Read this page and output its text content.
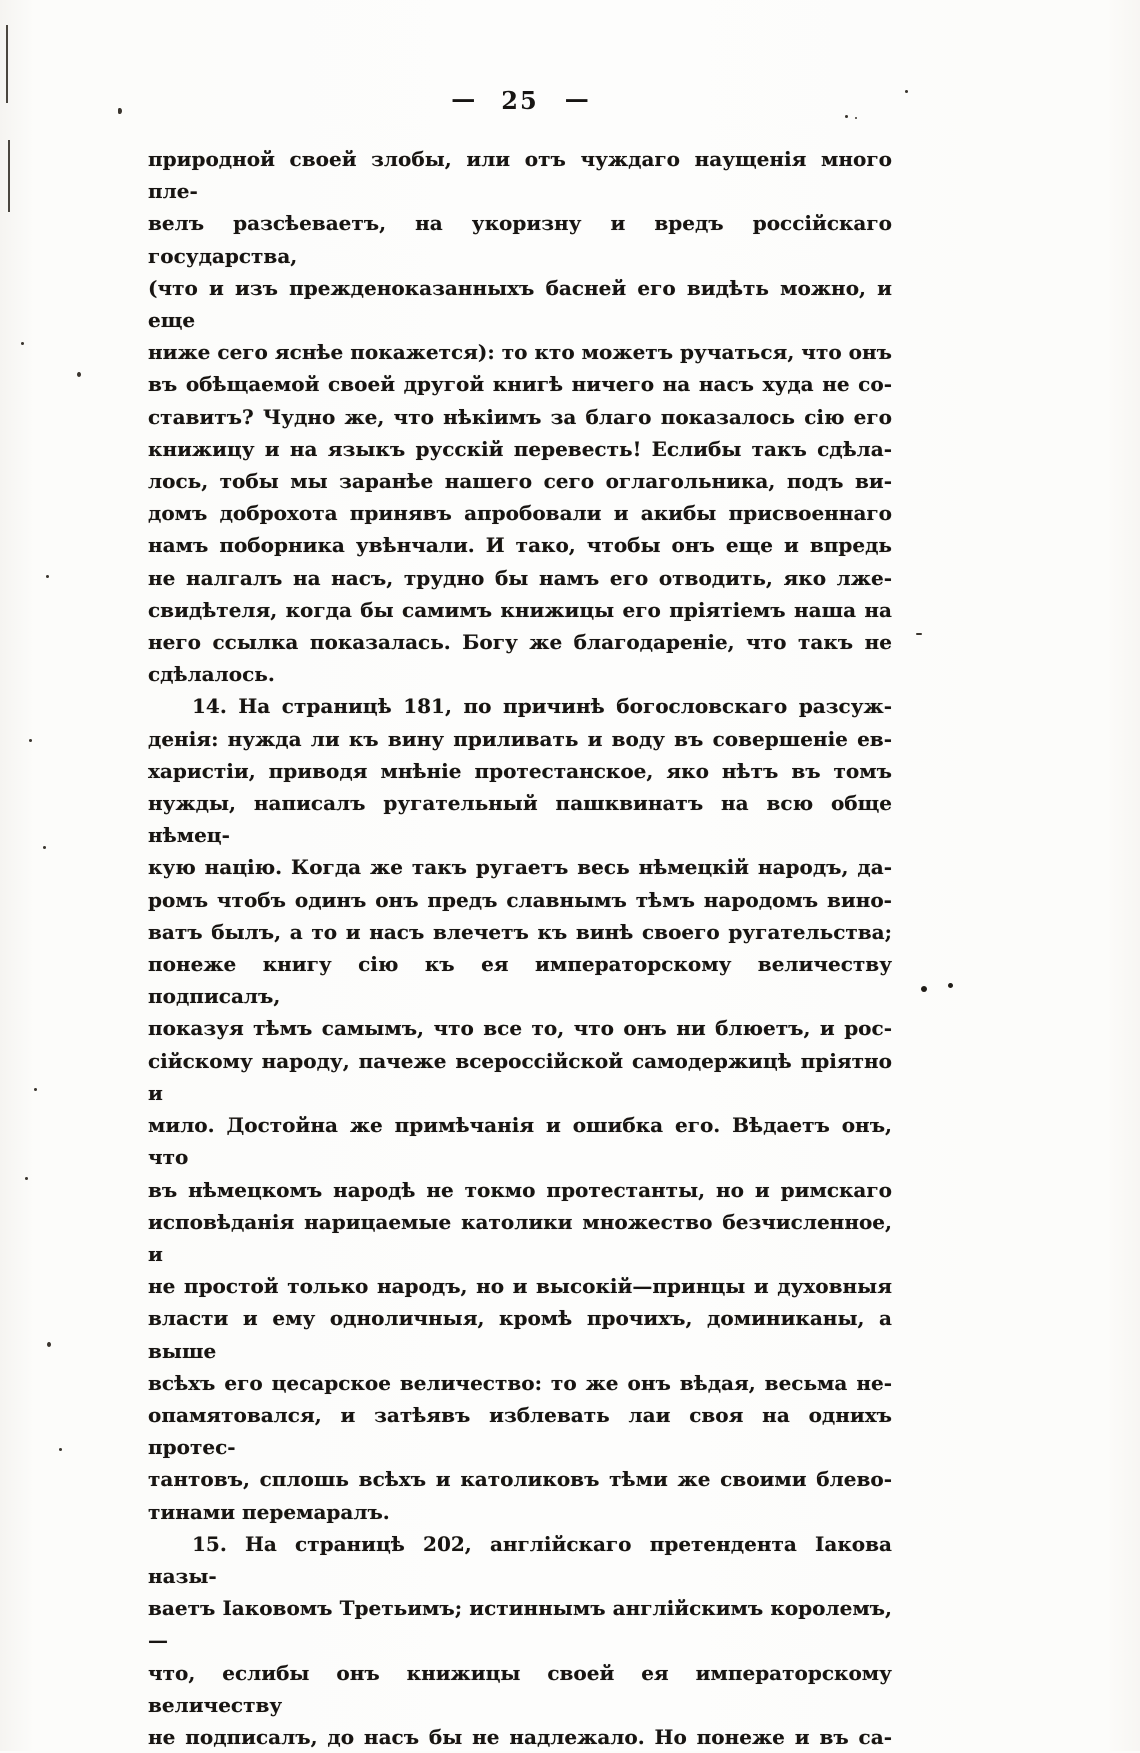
— 25 —
природной своей злобы, или отъ чуждаго наущенія много пле-
велъ разсѣеваетъ, на укоризну и вредъ россійскаго государства,
(что и изъ прежденоказанныхъ басней его видѣть можно, и еще
ниже сего яснѣе покажется): то кто можетъ ручаться, что онъ
въ обѣщаемой своей другой книгѣ ничего на насъ худа не со-
ставитъ? Чудно же, что нѣкіимъ за благо показалось сію его
книжицу и на языкъ русскій перевесть! Еслибы такъ сдѣла-
лось, тобы мы заранѣе нашего сего оглагольника, подъ ви-
домъ доброхота принявъ апробовали и акибы присвоеннаго
намъ поборника увѣнчали. И тако, чтобы онъ еще и впредь
не налгалъ на насъ, трудно бы намъ его отводить, яко лже-
свидѣтеля, когда бы самимъ книжицы его пріятіемъ наша на
него ссылка показалась. Богу же благодареніе, что такъ не
сдѣлалось.
14. На страницѣ 181, по причинѣ богословскаго разсуж-
денія: нужда ли къ вину приливать и воду въ совершеніе ев-
харистіи, приводя мнѣніе протестанское, яко нѣтъ въ томъ
нужды, написалъ ругательный пашквинатъ на всю обще нѣмец-
кую націю. Когда же такъ ругаетъ весь нѣмецкій народъ, да-
ромъ чтобъ одинъ онъ предъ славнымъ тѣмъ народомъ вино-
ватъ былъ, а то и насъ влечетъ къ винѣ своего ругательства;
понеже книгу сію къ ея императорскому величеству подписалъ,
показуя тѣмъ самымъ, что все то, что онъ ни блюетъ, и рос-
сійскому народу, пачеже всероссійской самодержицѣ пріятно и
мило. Достойна же примѣчанія и ошибка его. Вѣдаетъ онъ, что
въ нѣмецкомъ народѣ не токмо протестанты, но и римскаго
исповѣданія нарицаемые католики множество безчисленное, и
не простой только народъ, но и высокій—принцы и духовныя
власти и ему одноличныя, кромѣ прочихъ, доминиканы, а выше
всѣхъ его цесарское величество: то же онъ вѣдая, весьма не-
опамятовался, и затѣявъ изблевать лаи своя на однихъ протес-
тантовъ, сплошь всѣхъ и католиковъ тѣми же своими блево-
тинами перемаралъ.
15. На страницѣ 202, англійскаго претендента Іакова назы-
ваетъ Іаковомъ Третьимъ; истиннымъ англійскимъ королемъ, —
что, еслибы онъ книжицы своей ея императорскому величеству
не подписалъ, до насъ бы не надлежало. Но понеже и въ са-
